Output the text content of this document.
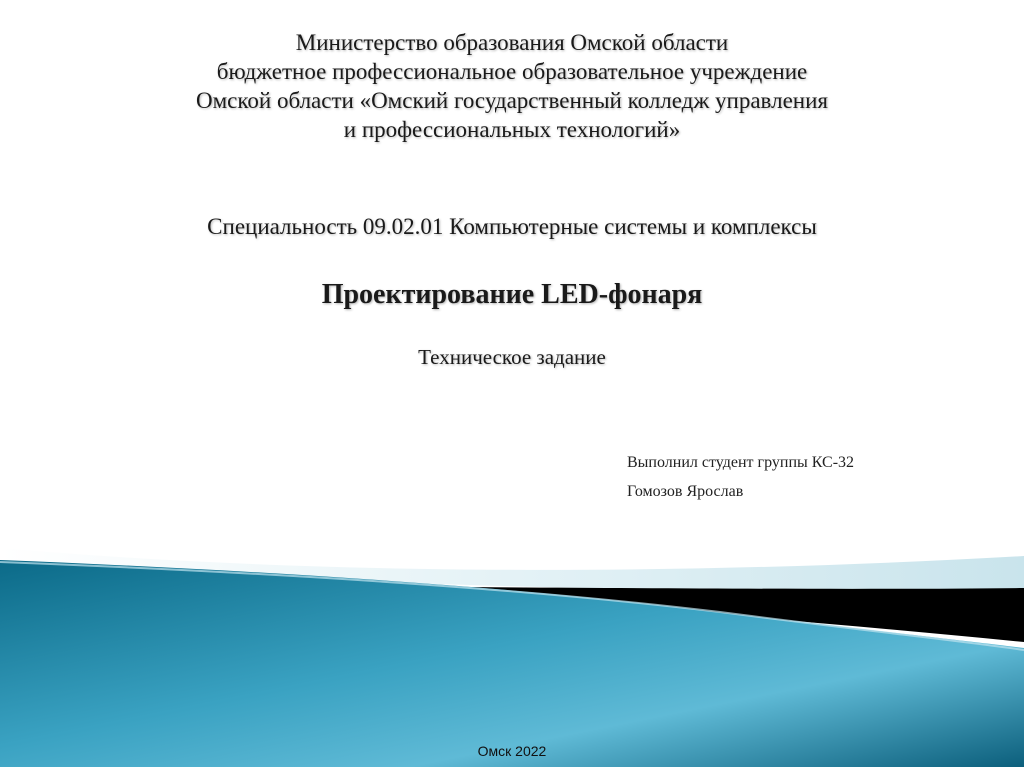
Министерство образования Омской области
бюджетное профессиональное образовательное учреждение
Омской области «Омский государственный колледж управления
и профессиональных технологий»
Специальность 09.02.01 Компьютерные системы и комплексы
Проектирование LED-фонаря
Техническое задание
Выполнил студент группы КС-32
Гомозов Ярослав
Омск 2022
